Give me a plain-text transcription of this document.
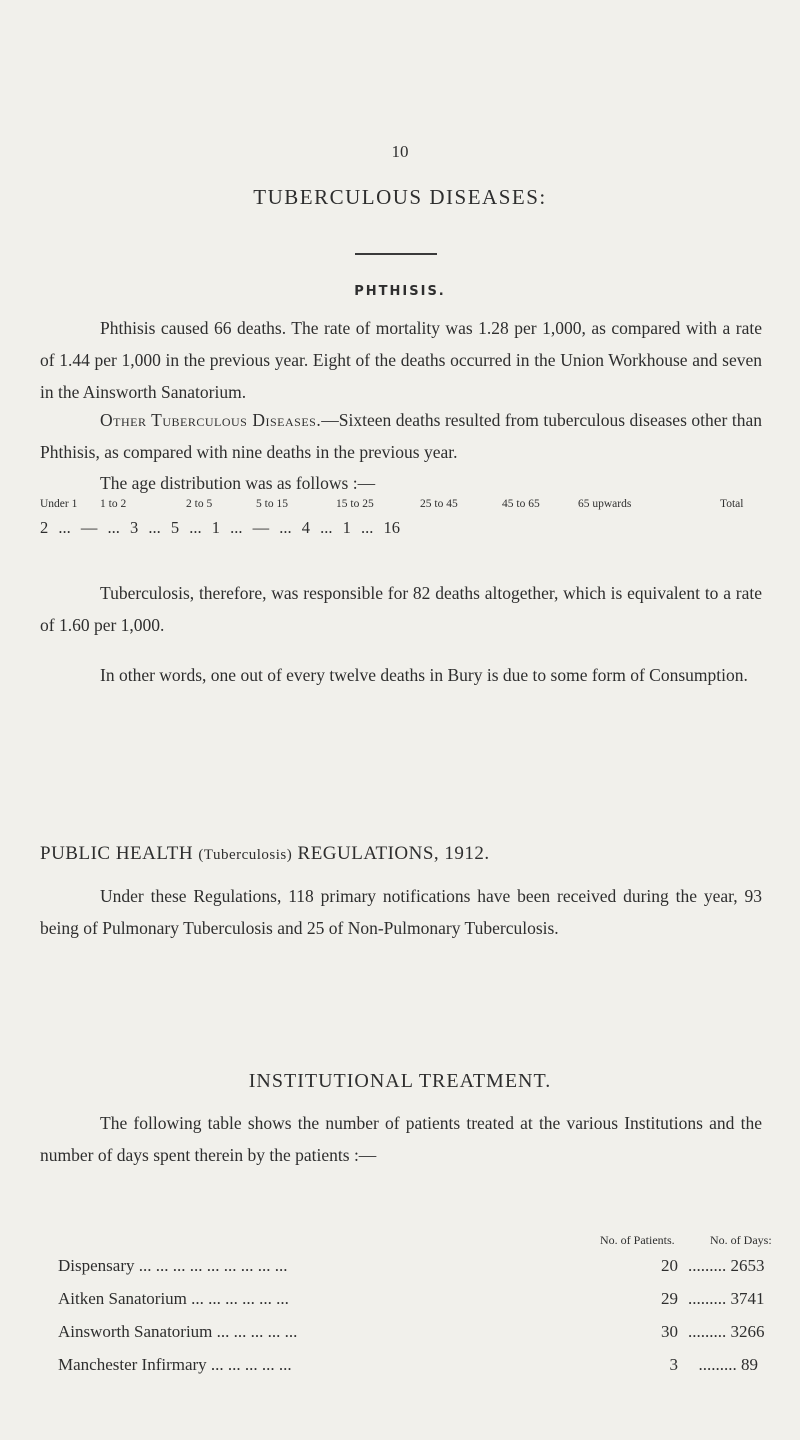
10
TUBERCULOUS DISEASES:
PHTHISIS.
Phthisis caused 66 deaths. The rate of mortality was 1.28 per 1,000, as compared with a rate of 1.44 per 1,000 in the previous year. Eight of the deaths occurred in the Union Workhouse and seven in the Ainsworth Sanatorium.
Other Tuberculous Diseases.—Sixteen deaths resulted from tuberculous diseases other than Phthisis, as compared with nine deaths in the previous year.
The age distribution was as follows :—
Under 1 1 to 2	2 to 5	5 to 15	15 to 25	25 to 45	45 to 65	65 upwards	Total
2 ... — ... 3 ... 5 ... 1 ... — ... 4 ... 1 ... 16
Tuberculosis, therefore, was responsible for 82 deaths altogether, which is equivalent to a rate of 1.60 per 1,000.
In other words, one out of every twelve deaths in Bury is due to some form of Consumption.
PUBLIC HEALTH (Tuberculosis) REGULATIONS, 1912.
Under these Regulations, 118 primary notifications have been received during the year, 93 being of Pulmonary Tuberculosis and 25 of Non-Pulmonary Tuberculosis.
INSTITUTIONAL TREATMENT.
The following table shows the number of patients treated at the various Institutions and the number of days spent therein by the patients :—
No. of Patients.	No. of Days:
Dispensary ... ... ... ... ... ... ... ... ...	20 ......... 2653
Aitken Sanatorium ... ... ... ... ... ...	29 ......... 3741
Ainsworth Sanatorium ... ... ... ... ...	30 ......... 3266
Manchester Infirmary ... ... ... ... ...	3	......... 89
